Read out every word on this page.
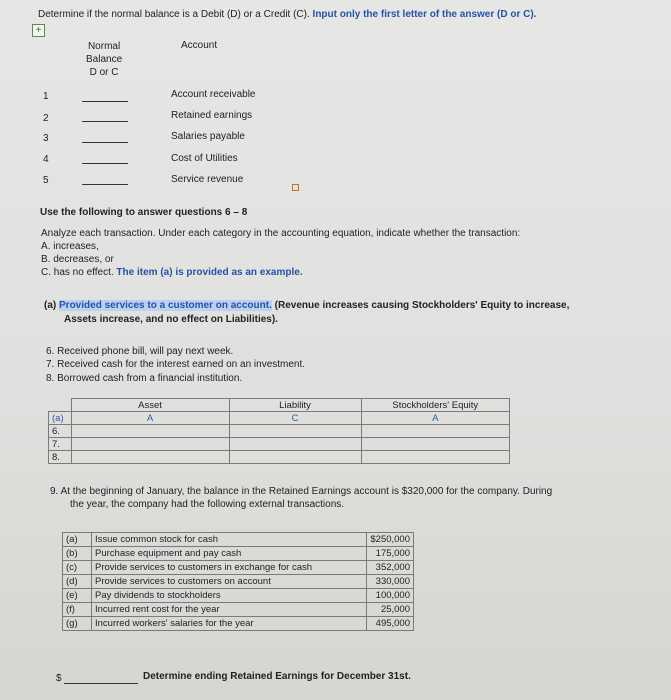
Determine if the normal balance is a Debit (D) or a Credit (C). Input only the first letter of the answer (D or C).
+
Normal
Balance
D or C
Account
1	Account receivable
2	Retained earnings
3	Salaries payable
4	Cost of Utilities
5	Service revenue
Use the following to answer questions 6 – 8
Analyze each transaction. Under each category in the accounting equation, indicate whether the transaction:
A. increases,
B. decreases, or
C. has no effect. The item (a) is provided as an example.
(a) Provided services to a customer on account. (Revenue increases causing Stockholders' Equity to increase,
Assets increase, and no effect on Liabilities).
6. Received phone bill, will pay next week.
7. Received cash for the interest earned on an investment.
8. Borrowed cash from a financial institution.
	Asset	Liability	Stockholders' Equity
(a)	A	C	A
6.			
7.			
8.			
9. At the beginning of January, the balance in the Retained Earnings account is $320,000 for the company. During
the year, the company had the following external transactions.
(a)	Issue common stock for cash	$250,000
(b)	Purchase equipment and pay cash	175,000
(c)	Provide services to customers in exchange for cash	352,000
(d)	Provide services to customers on account	330,000
(e)	Pay dividends to stockholders	100,000
(f)	Incurred rent cost for the year	25,000
(g)	Incurred workers' salaries for the year	495,000
$	Determine ending Retained Earnings for December 31st.
